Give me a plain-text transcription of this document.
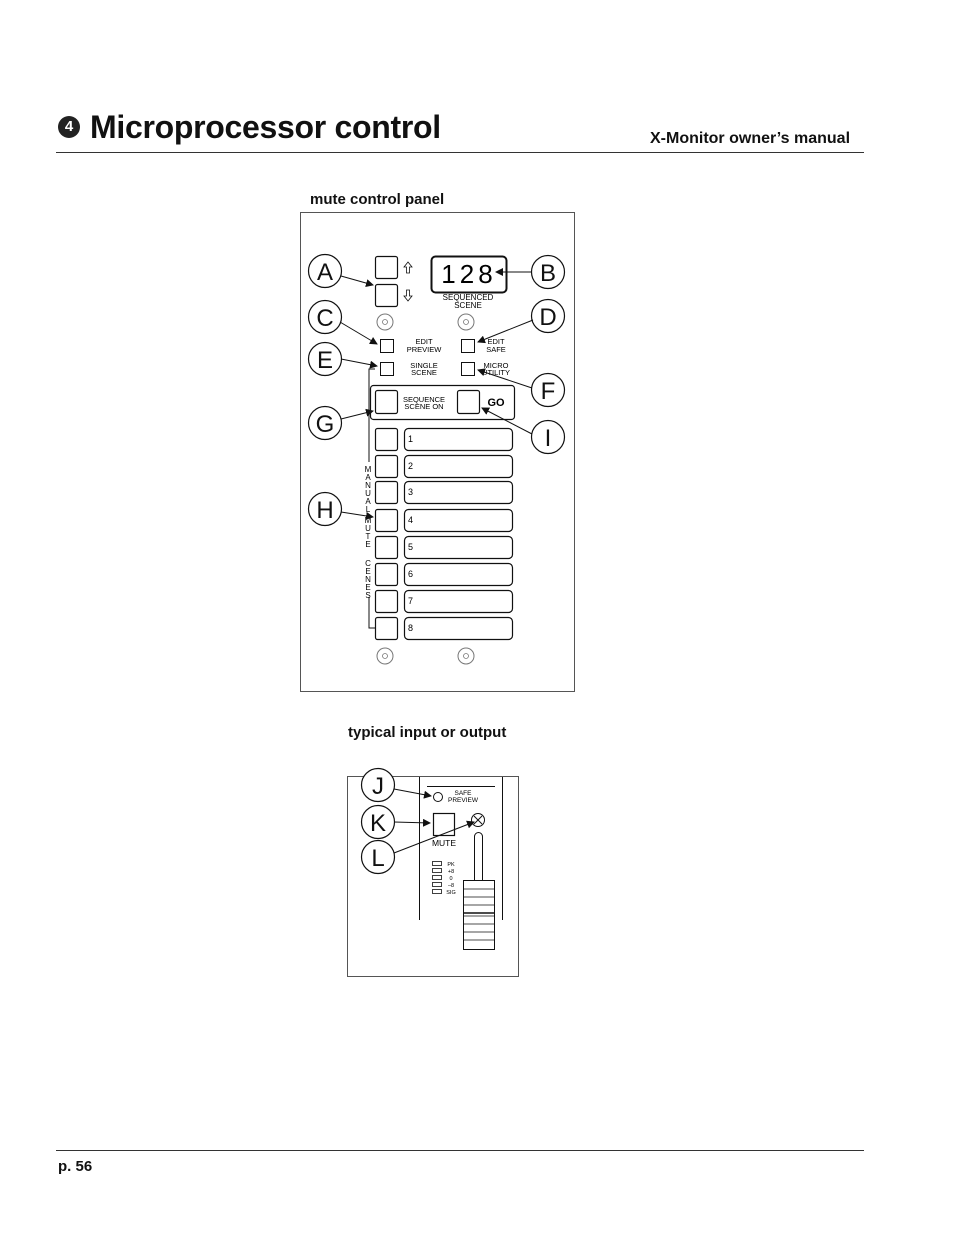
4 Microprocessor control	X-Monitor owner’s manual
mute control panel
128
SEQUENCED
SCENE
EDIT
PREVIEW
EDIT
SAFE
SINGLE
SCENE
MICRO
UTILITY
SEQUENCE
SCENE ON	GO
1
2
3
4
5
6
7
8
M
A
N
U
A
L
M
U
T
E
C
E
N
E
S
A	B
C	D
E
F
G
I
H
SAFE
PREVIEW
MUTE
PK
+8
0
–8
SIG
J
K
L
typical input or output
p. 56
